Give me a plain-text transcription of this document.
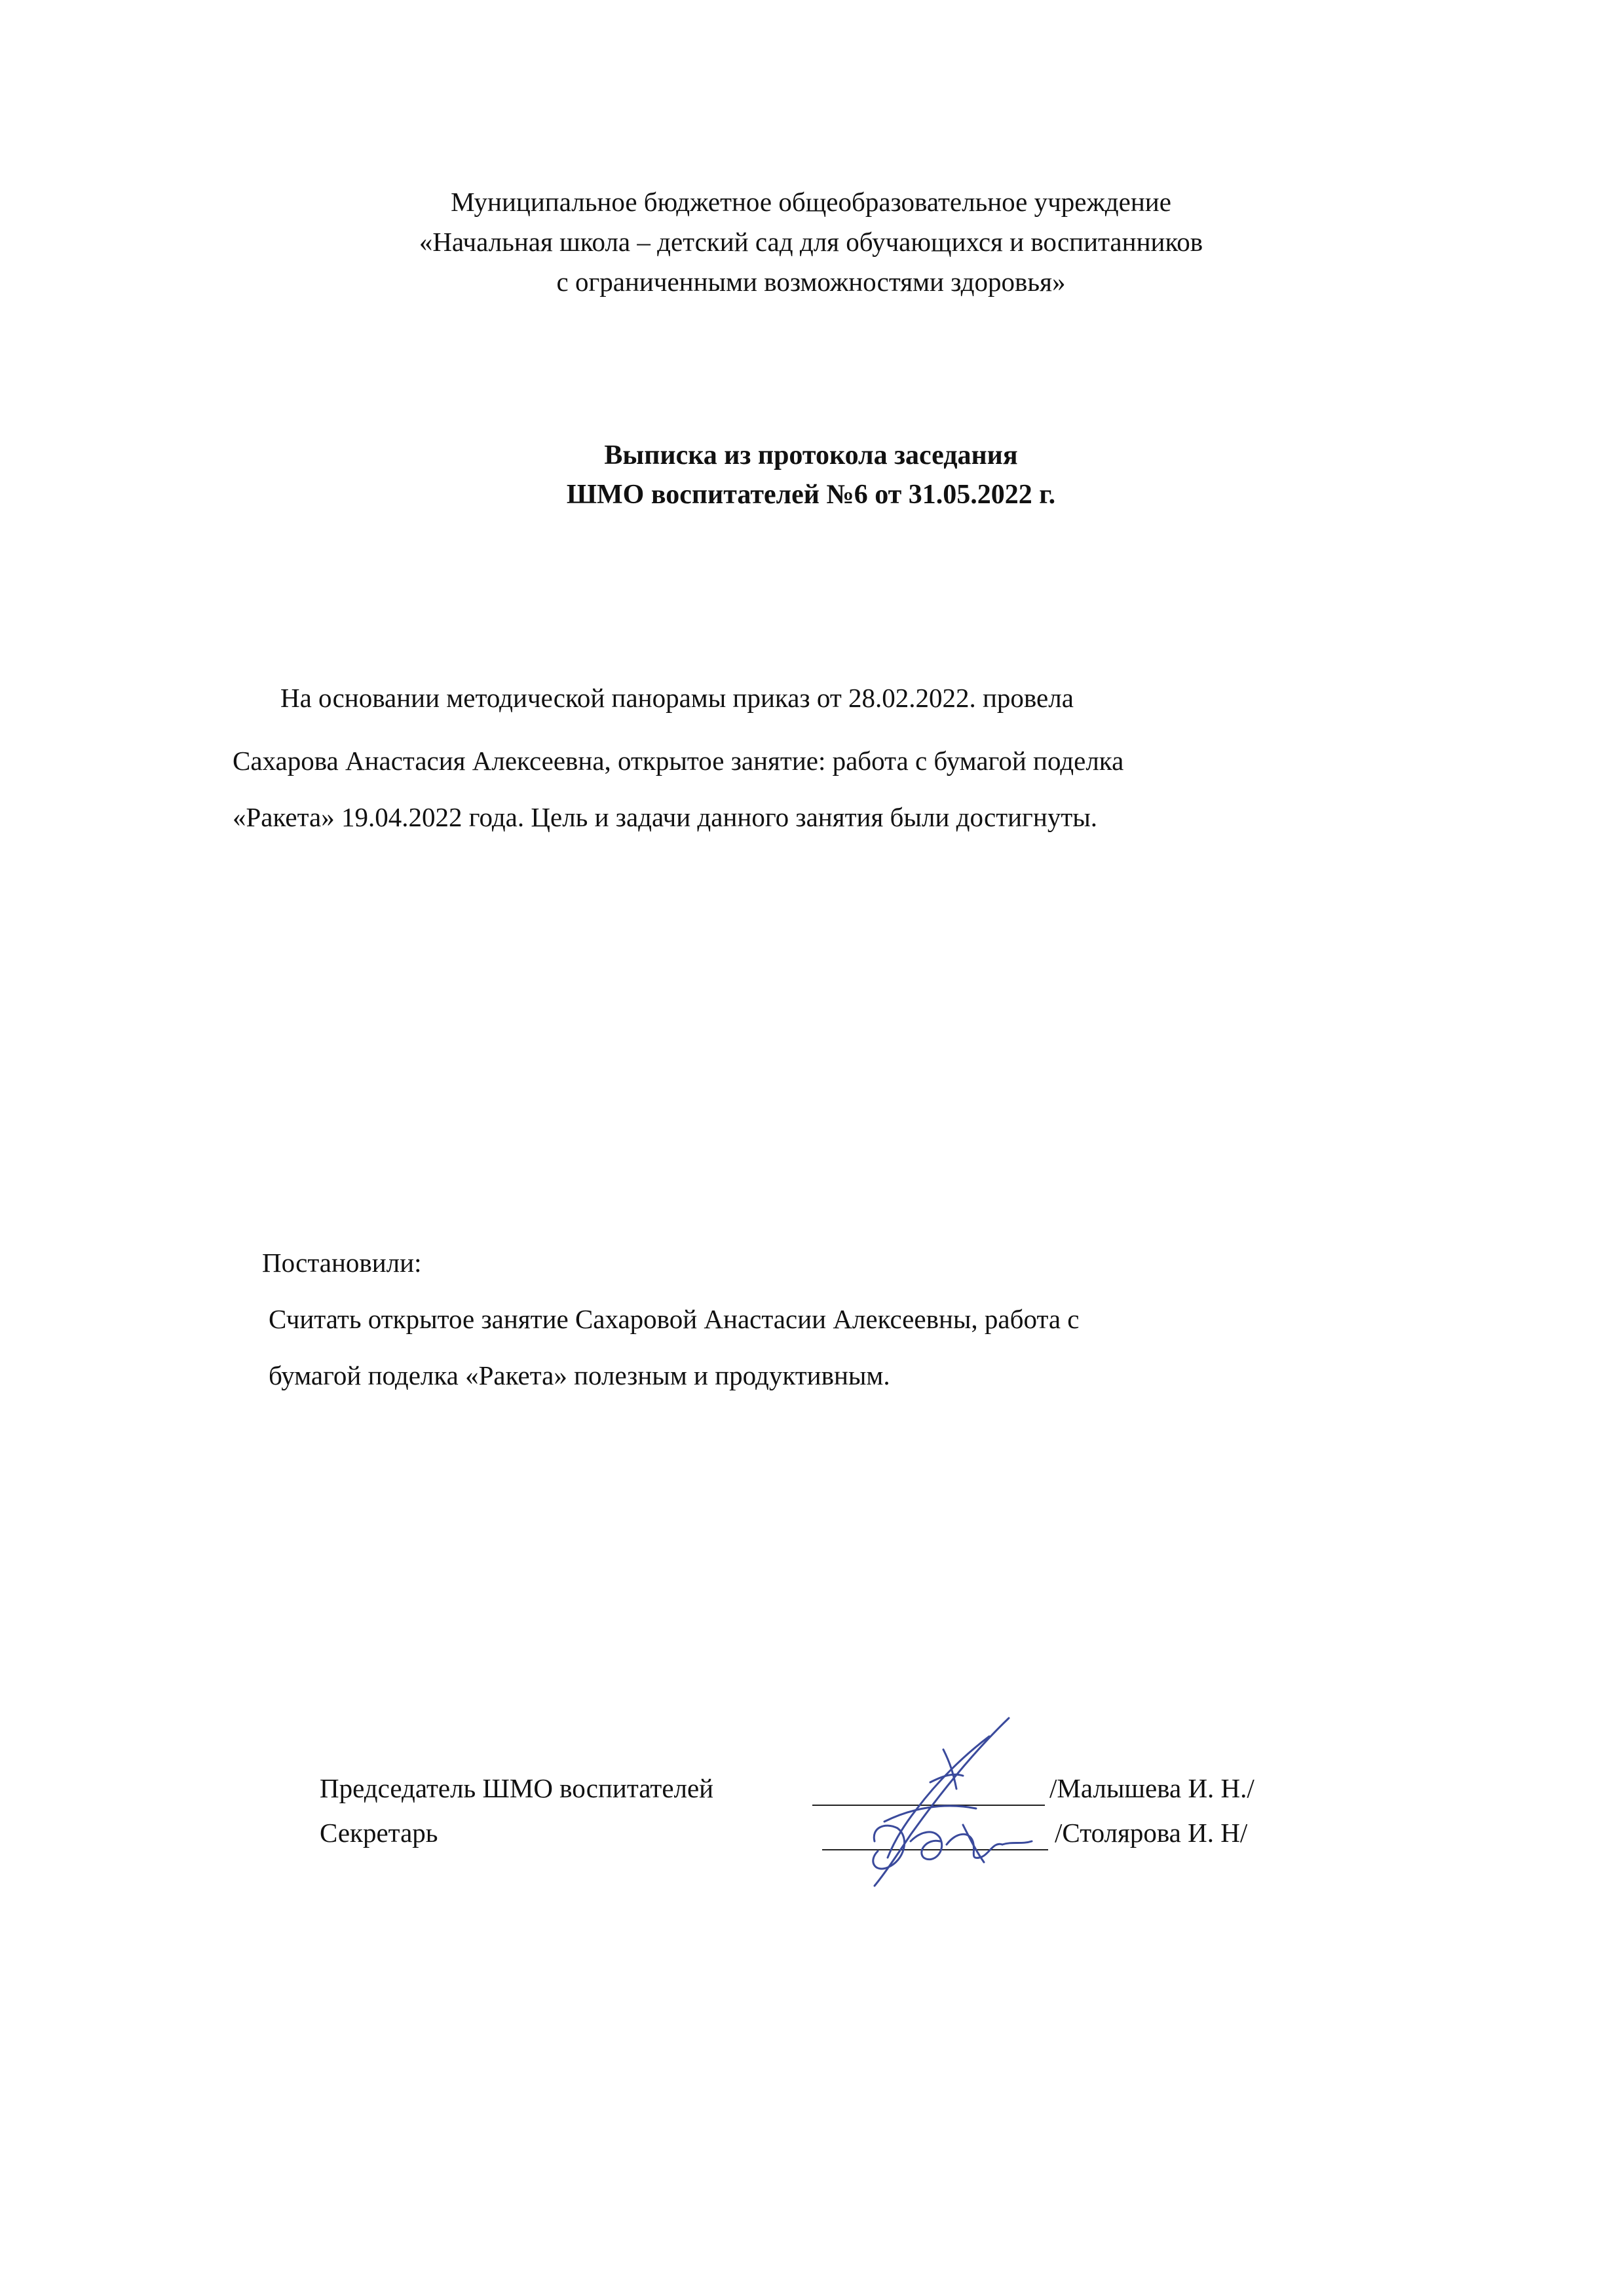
Муниципальное бюджетное общеобразовательное учреждение
«Начальная школа – детский сад для обучающихся и воспитанников
с ограниченными возможностями здоровья»
Выписка из протокола заседания
ШМО воспитателей №6 от 31.05.2022 г.
На основании методической панорамы приказ от 28.02.2022. провела
Сахарова Анастасия Алексеевна, открытое занятие: работа с бумагой поделка
«Ракета» 19.04.2022 года. Цель и задачи данного занятия были достигнуты.
Постановили:
Считать открытое занятие Сахаровой Анастасии Алексеевны, работа с
бумагой поделка «Ракета» полезным и продуктивным.
Председатель ШМО воспитателей	/Малышева И. Н./
Секретарь	/Столярова И. Н/
